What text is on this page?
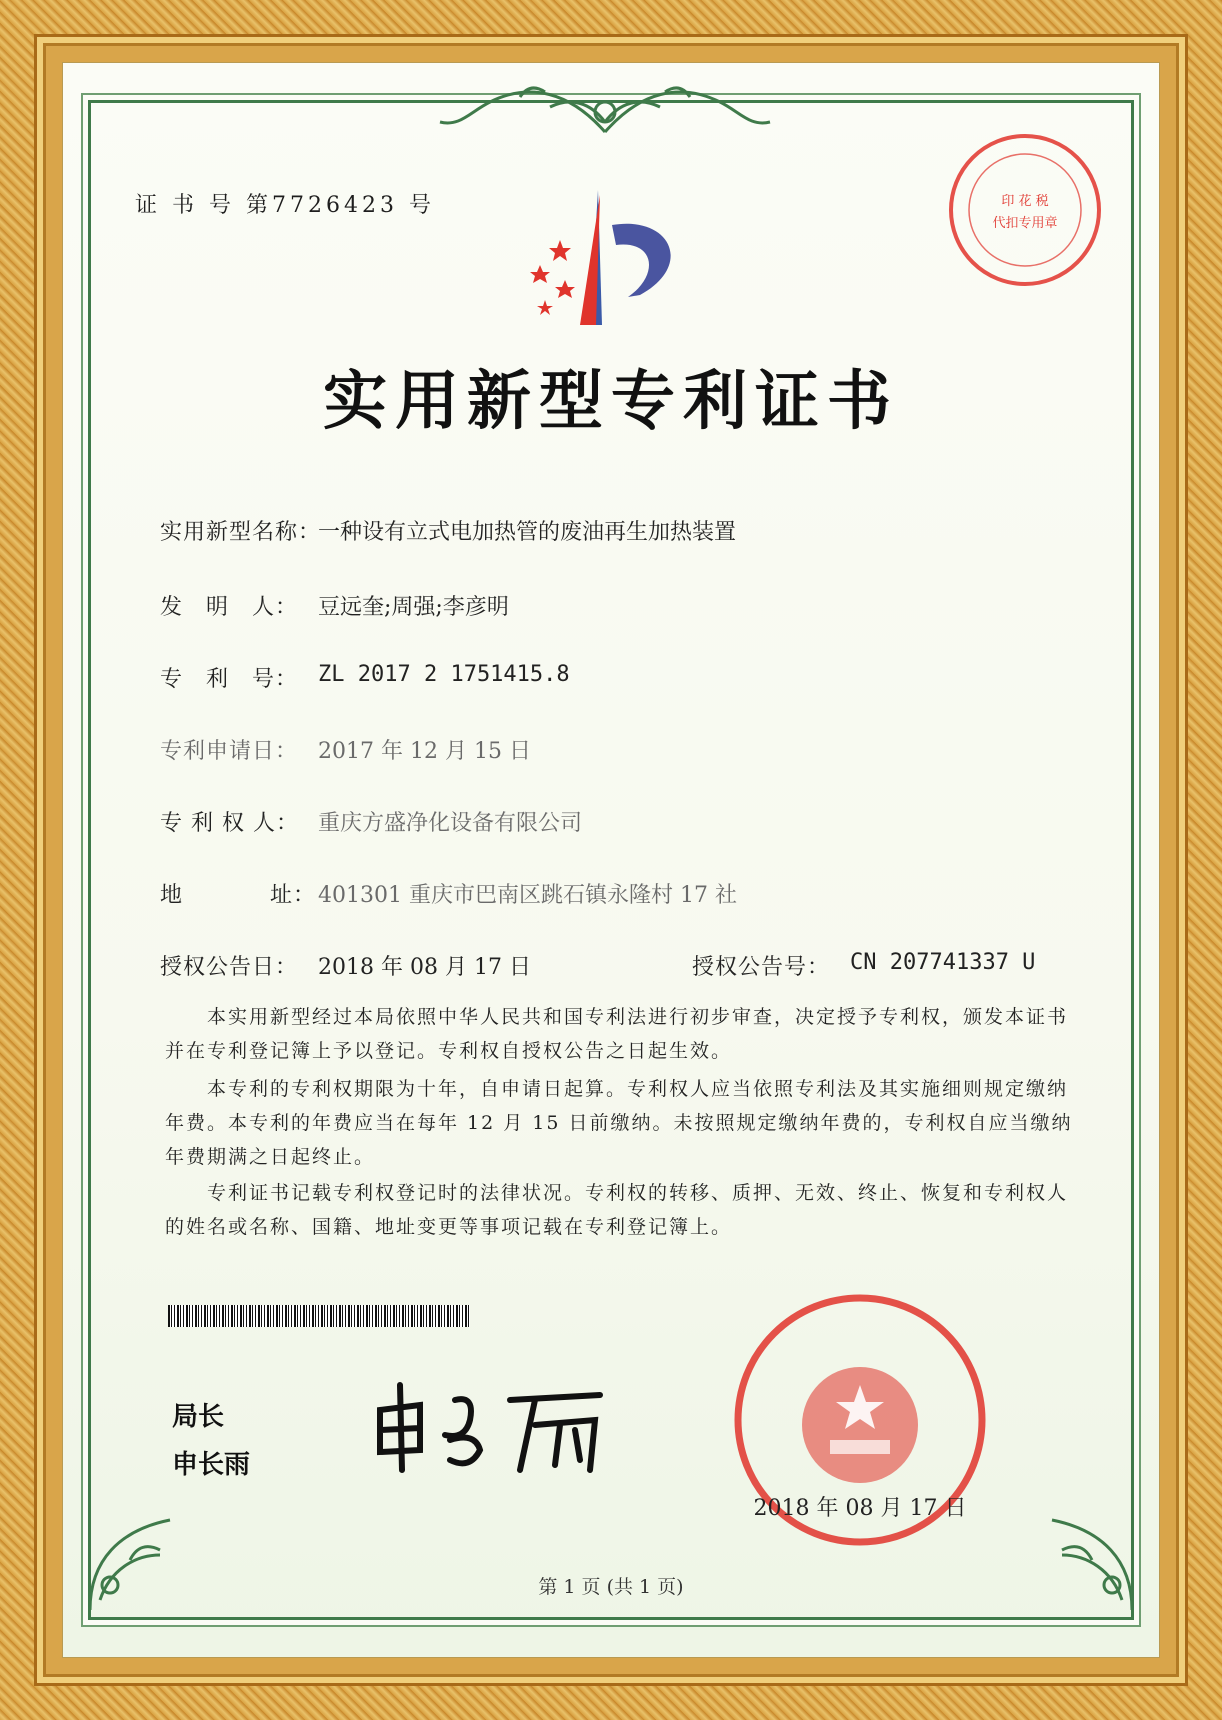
证 书 号 第7726423 号	印 花 税
代扣专用章
实用新型专利证书
实用新型名称：
一种设有立式电加热管的废油再生加热装置
发　明　人： 豆远奎;周强;李彦明
专　利　号： ZL 2017 2 1751415.8
专利申请日： 2017 年 12 月 15 日
专 利 权 人： 重庆方盛净化设备有限公司
地	址： 401301 重庆市巴南区跳石镇永隆村 17 社
授权公告日： 2018 年 08 月 17 日	授权公告号： CN 207741337 U
　　本实用新型经过本局依照中华人民共和国专利法进行初步审查，决定授予专利权，颁发本证书并在专利登记簿上予以登记。专利权自授权公告之日起生效。
　　本专利的专利权期限为十年，自申请日起算。专利权人应当依照专利法及其实施细则规定缴纳年费。本专利的年费应当在每年 12 月 15 日前缴纳。未按照规定缴纳年费的，专利权自应当缴纳年费期满之日起终止。
　　专利证书记载专利权登记时的法律状况。专利权的转移、质押、无效、终止、恢复和专利权人的姓名或名称、国籍、地址变更等事项记载在专利登记簿上。
局长
申长雨
2018 年 08 月 17 日
第 1 页 (共 1 页)
